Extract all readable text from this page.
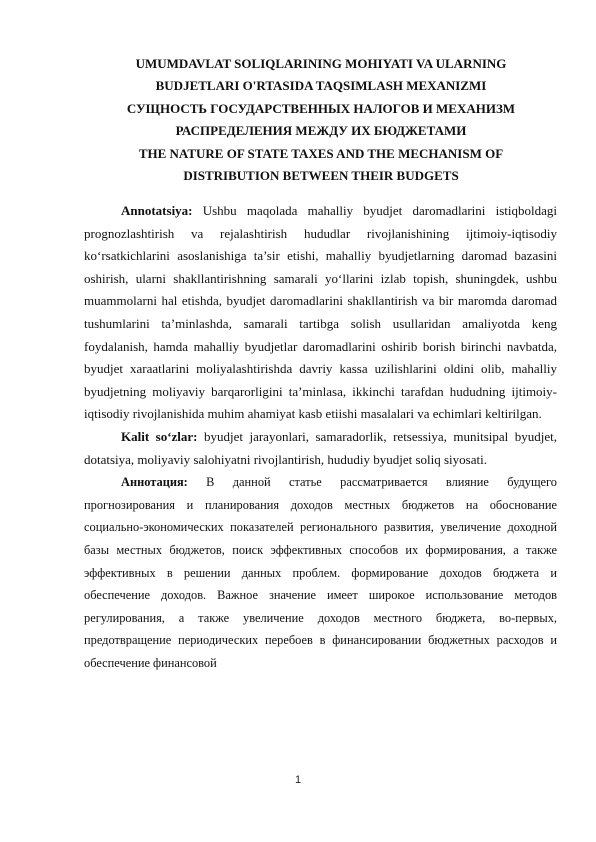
UMUMDAVLAT SOLIQLARINING MOHIYATI VA ULARNING
BUDJETLARI O'RTASIDA TAQSIMLASH MEXANIZMI
СУЩНОСТЬ ГОСУДАРСТВЕННЫХ НАЛОГОВ И МЕХАНИЗМ
РАСПРЕДЕЛЕНИЯ МЕЖДУ ИХ БЮДЖЕТАМИ
THE NATURE OF STATE TAXES AND THE MECHANISM OF
DISTRIBUTION BETWEEN THEIR BUDGETS

Annotatsiya: Ushbu maqolada mahalliy byudjet daromadlarini istiqboldagi prognozlashtirish va rejalashtirish hududlar rivojlanishining ijtimoiy-iqtisodiy ko‘rsatkichlarini asoslanishiga ta’sir etishi, mahalliy byudjetlarning daromad bazasini oshirish, ularni shakllantirishning samarali yo‘llarini izlab topish, shuningdek, ushbu muammolarni hal etishda, byudjet daromadlarini shakllantirish va bir maromda daromad tushumlarini ta’minlashda, samarali tartibga solish usullaridan amaliyotda keng foydalanish, hamda mahalliy byudjetlar daromadlarini oshirib borish birinchi navbatda, byudjet xaraatlarini moliyalashtirishda davriy kassa uzilishlarini oldini olib, mahalliy byudjetning moliyaviy barqarorligini ta’minlasa, ikkinchi tarafdan hududning ijtimoiy-iqtisodiy rivojlanishida muhim ahamiyat kasb etiishi masalalari va echimlari keltirilgan.

Kalit so‘zlar: byudjet jarayonlari, samaradorlik, retsessiya, munitsipal byudjet, dotatsiya, moliyaviy salohiyatni rivojlantirish, hududiy byudjet soliq siyosati.

Аннотация: В данной статье рассматривается влияние будущего прогнозирования и планирования доходов местных бюджетов на обоснование социально-экономических показателей регионального развития, увеличение доходной базы местных бюджетов, поиск эффективных способов их формирования, а также эффективных в решении данных проблем. формирование доходов бюджета и обеспечение доходов. Важное значение имеет широкое использование методов регулирования, а также увеличение доходов местного бюджета, во-первых, предотвращение периодических перебоев в финансировании бюджетных расходов и обеспечение финансовой

1
